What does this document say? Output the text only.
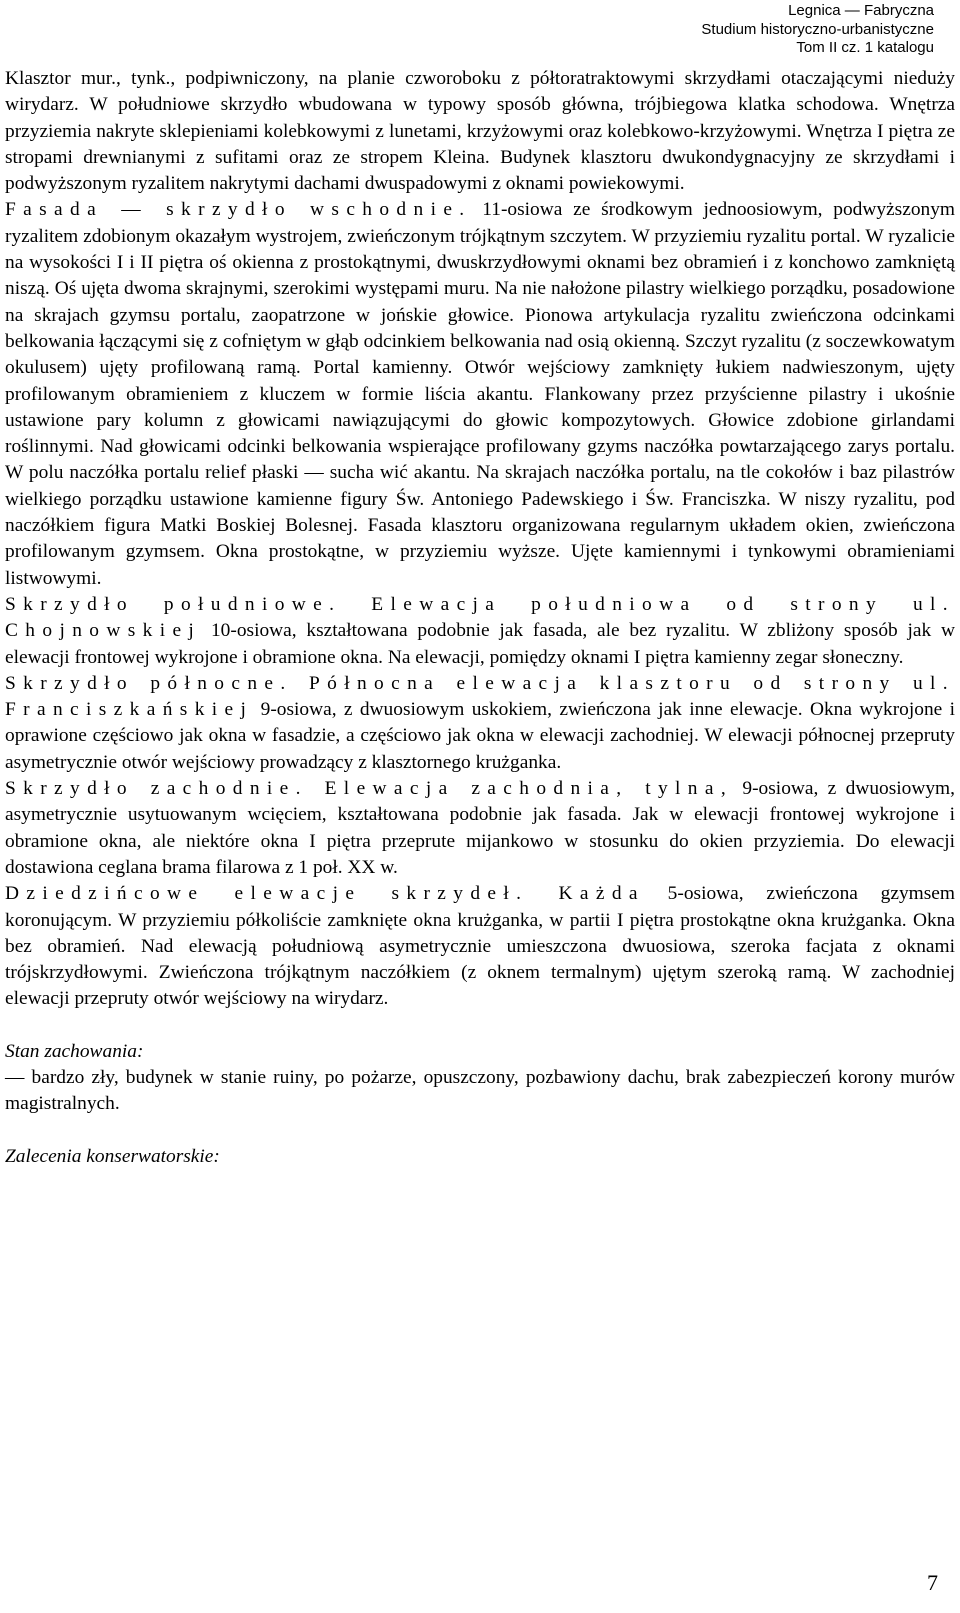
Legnica — Fabryczna
Studium historyczno-urbanistyczne
Tom II cz. 1 katalogu

Klasztor mur., tynk., podpiwniczony, na planie czworoboku z półtoratraktowymi skrzydłami otaczającymi nieduży wirydarz. W południowe skrzydło wbudowana w typowy sposób główna, trójbiegowa klatka schodowa. Wnętrza przyziemia nakryte sklepieniami kolebkowymi z lunetami, krzyżowymi oraz kolebkowo-krzyżowymi. Wnętrza I piętra ze stropami drewnianymi z sufitami oraz ze stropem Kleina. Budynek klasztoru dwukondygnacyjny ze skrzydłami i podwyższonym ryzalitem nakrytymi dachami dwuspadowymi z oknami powiekowymi.

Fasada — skrzydło wschodnie. 11-osiowa ze środkowym jednoosiowym, podwyższonym ryzalitem zdobionym okazałym wystrojem, zwieńczonym trójkątnym szczytem. W przyziemiu ryzalitu portal. W ryzalicie na wysokości I i II piętra oś okienna z prostokątnymi, dwuskrzydłowymi oknami bez obramień i z konchowo zamkniętą niszą. Oś ujęta dwoma skrajnymi, szerokimi występami muru. Na nie nałożone pilastry wielkiego porządku, posadowione na skrajach gzymsu portalu, zaopatrzone w jońskie głowice. Pionowa artykulacja ryzalitu zwieńczona odcinkami belkowania łączącymi się z cofniętym w głąb odcinkiem belkowania nad osią okienną. Szczyt ryzalitu (z soczewkowatym okulusem) ujęty profilowaną ramą. Portal kamienny. Otwór wejściowy zamknięty łukiem nadwieszonym, ujęty profilowanym obramieniem z kluczem w formie liścia akantu. Flankowany przez przyścienne pilastry i ukośnie ustawione pary kolumn z głowicami nawiązującymi do głowic kompozytowych. Głowice zdobione girlandami roślinnymi. Nad głowicami odcinki belkowania wspierające profilowany gzyms naczółka powtarzającego zarys portalu. W polu naczółka portalu relief płaski — sucha wić akantu. Na skrajach naczółka portalu, na tle cokołów i baz pilastrów wielkiego porządku ustawione kamienne figury Św. Antoniego Padewskiego i Św. Franciszka. W niszy ryzalitu, pod naczółkiem figura Matki Boskiej Bolesnej. Fasada klasztoru organizowana regularnym układem okien, zwieńczona profilowanym gzymsem. Okna prostokątne, w przyziemiu wyższe. Ujęte kamiennymi i tynkowymi obramieniami listwowymi.

Skrzydło południowe. Elewacja południowa od strony ul. Chojnowskiej 10-osiowa, kształtowana podobnie jak fasada, ale bez ryzalitu. W zbliżony sposób jak w elewacji frontowej wykrojone i obramione okna. Na elewacji, pomiędzy oknami I piętra kamienny zegar słoneczny.

Skrzydło północne. Północna elewacja klasztoru od strony ul. Franciszkańskiej 9-osiowa, z dwuosiowym uskokiem, zwieńczona jak inne elewacje. Okna wykrojone i oprawione częściowo jak okna w fasadzie, a częściowo jak okna w elewacji zachodniej. W elewacji północnej przepruty asymetrycznie otwór wejściowy prowadzący z klasztornego krużganka.

Skrzydło zachodnie. Elewacja zachodnia, tylna, 9-osiowa, z dwuosiowym, asymetrycznie usytuowanym wcięciem, kształtowana podobnie jak fasada. Jak w elewacji frontowej wykrojone i obramione okna, ale niektóre okna I piętra przeprute mijankowo w stosunku do okien przyziemia. Do elewacji dostawiona ceglana brama filarowa z 1 poł. XX w.

Dziedzińcowe elewacje skrzydeł. Każda 5-osiowa, zwieńczona gzymsem koronującym. W przyziemiu półkoliście zamknięte okna krużganka, w partii I piętra prostokątne okna krużganka. Okna bez obramień. Nad elewacją południową asymetrycznie umieszczona dwuosiowa, szeroka facjata z oknami trójskrzydłowymi. Zwieńczona trójkątnym naczółkiem (z oknem termalnym) ujętym szeroką ramą. W zachodniej elewacji przepruty otwór wejściowy na wirydarz.

Stan zachowania:

— bardzo zły, budynek w stanie ruiny, po pożarze, opuszczony, pozbawiony dachu, brak zabezpieczeń korony murów magistralnych.

Zalecenia konserwatorskie:

7
